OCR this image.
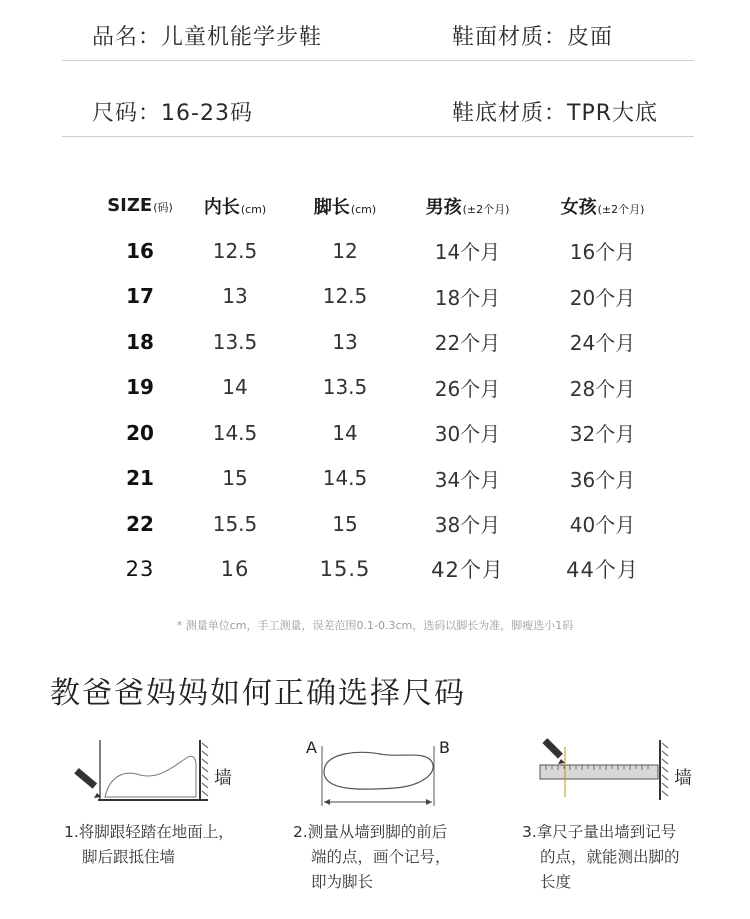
品名：儿童机能学步鞋	鞋面材质：皮面
尺码：16-23码	鞋底材质：TPR大底
SIZE(码)	内长(cm)	脚长(cm)	男孩(±2个月)	女孩(±2个月)
16	12.5	12	14个月	16个月
17	13	12.5	18个月	20个月
18	13.5	13	22个月	24个月
19	14	13.5	26个月	28个月
20	14.5	14	30个月	32个月
21	15	14.5	34个月	36个月
22	15.5	15	38个月	40个月
23	16	15.5	42个月	44个月
* 测量单位cm，手工测量，误差范围0.1-0.3cm，选码以脚长为准，脚瘦选小1码
教爸爸妈妈如何正确选择尺码
墙
A	B
墙
1.将脚跟轻踏在地面上，
脚后跟抵住墙
2.测量从墙到脚的前后
端的点，画个记号，
即为脚长
3.拿尺子量出墙到记号
的点，就能测出脚的
长度
